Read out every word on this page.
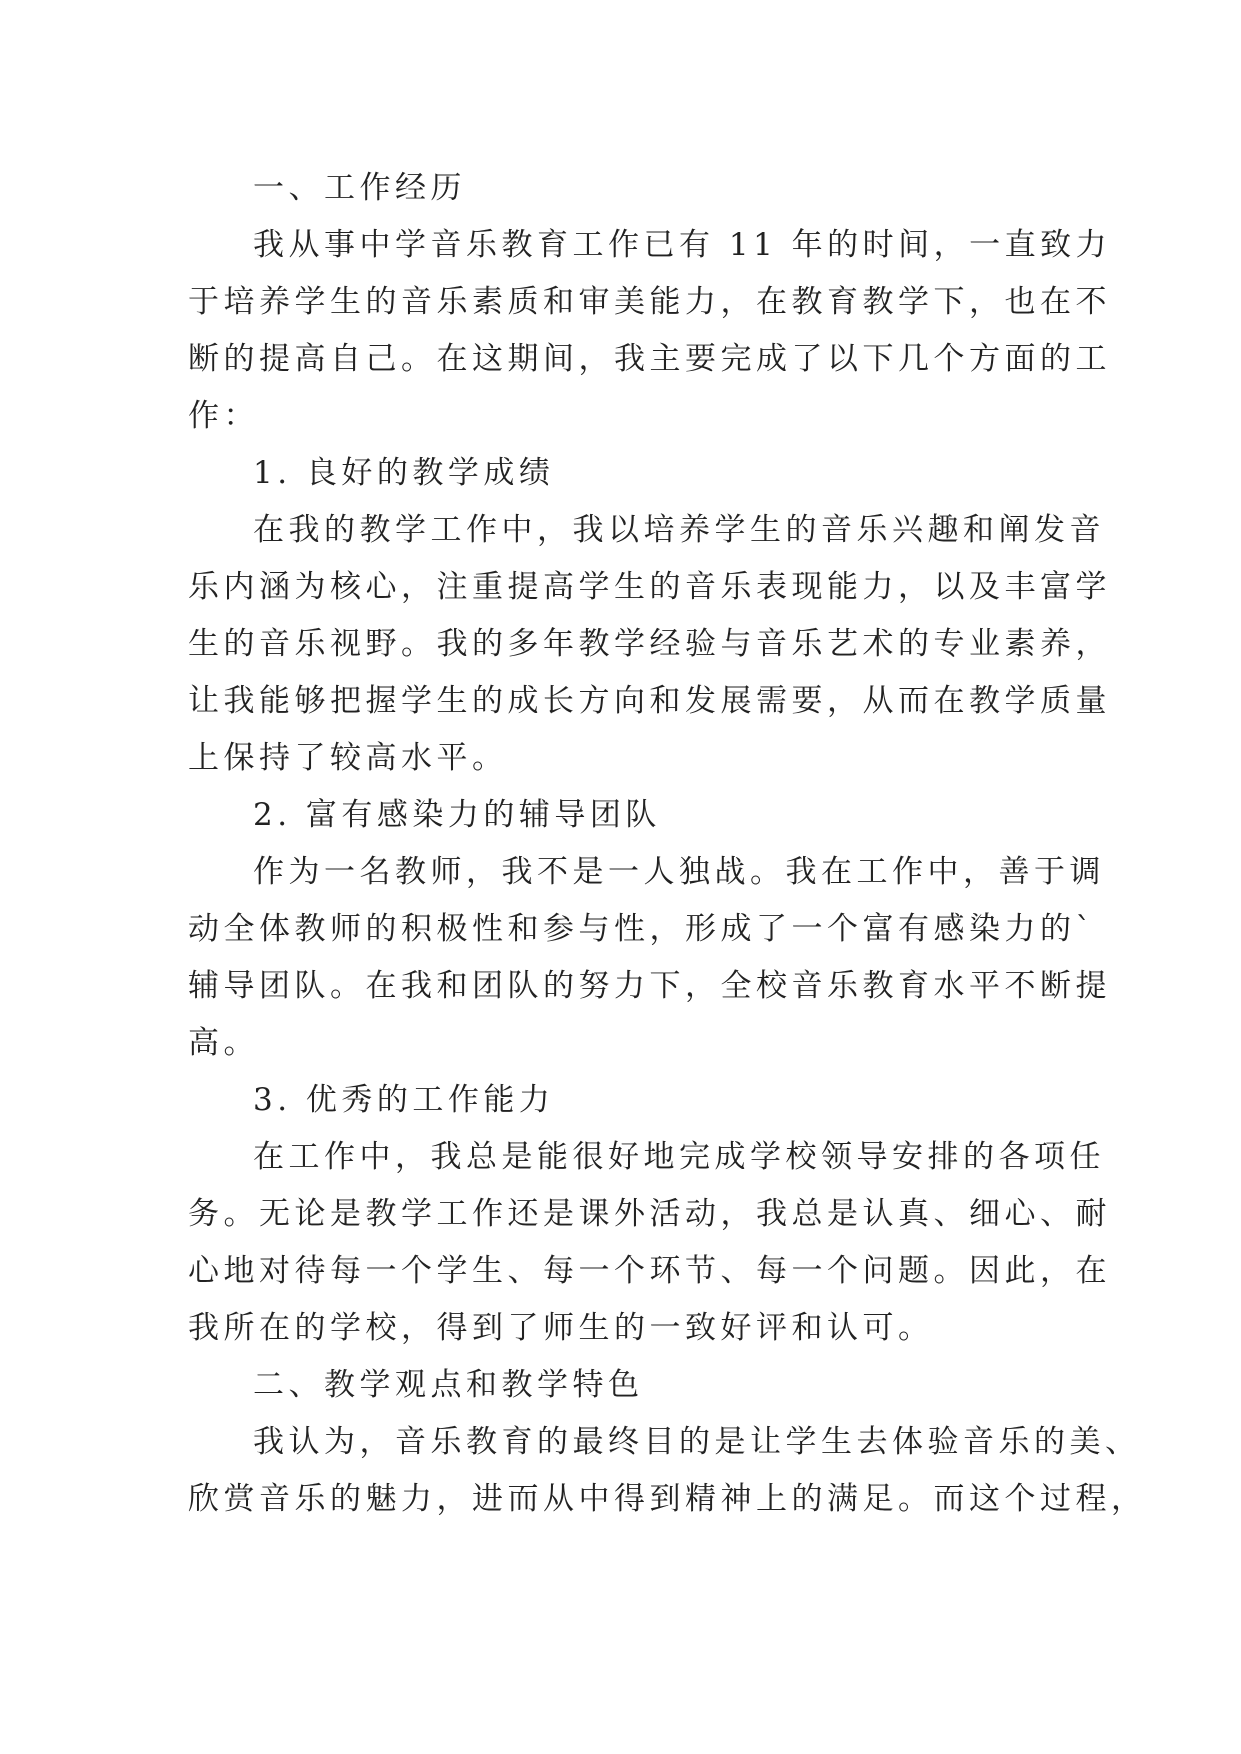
一、工作经历
我从事中学音乐教育工作已有 11 年的时间，一直致力
于培养学生的音乐素质和审美能力，在教育教学下，也在不
断的提高自己。在这期间，我主要完成了以下几个方面的工
作：
1. 良好的教学成绩
在我的教学工作中，我以培养学生的音乐兴趣和阐发音
乐内涵为核心，注重提高学生的音乐表现能力，以及丰富学
生的音乐视野。我的多年教学经验与音乐艺术的专业素养，
让我能够把握学生的成长方向和发展需要，从而在教学质量
上保持了较高水平。
2. 富有感染力的辅导团队
作为一名教师，我不是一人独战。我在工作中，善于调
动全体教师的积极性和参与性，形成了一个富有感染力的`
辅导团队。在我和团队的努力下，全校音乐教育水平不断提
高。
3. 优秀的工作能力
在工作中，我总是能很好地完成学校领导安排的各项任
务。无论是教学工作还是课外活动，我总是认真、细心、耐
心地对待每一个学生、每一个环节、每一个问题。因此，在
我所在的学校，得到了师生的一致好评和认可。
二、教学观点和教学特色
我认为，音乐教育的最终目的是让学生去体验音乐的美、
欣赏音乐的魅力，进而从中得到精神上的满足。而这个过程，
